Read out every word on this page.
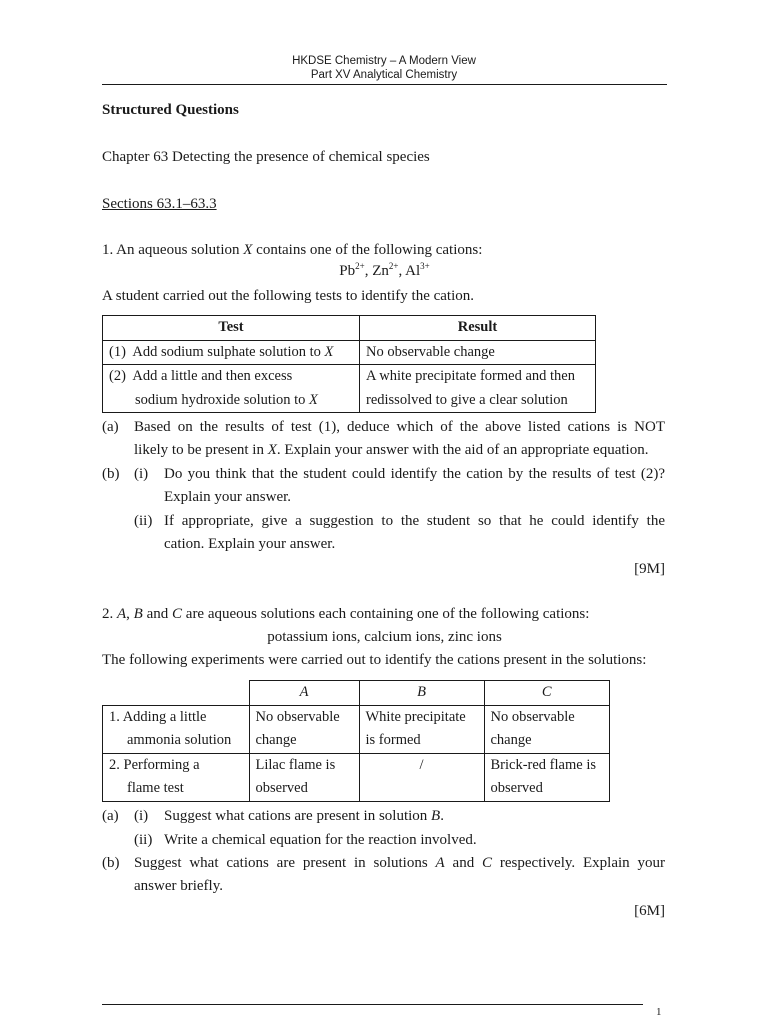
HKDSE Chemistry – A Modern View
Part XV Analytical Chemistry
Structured Questions
Chapter 63 Detecting the presence of chemical species
Sections 63.1–63.3
1. An aqueous solution X contains one of the following cations:
$Pb^{2+}$, $Zn^{2+}$, $Al^{3+}$
A student carried out the following tests to identify the cation.
Test	Result
(1) Add sodium sulphate solution to X	No observable change
(2) Add a little and then excess
sodium hydroxide solution to X	A white precipitate formed and then
redissolved to give a clear solution
(a) Based on the results of test (1), deduce which of the above listed cations is NOT
likely to be present in X. Explain your answer with the aid of an appropriate equation.
(b) (i) Do you think that the student could identify the cation by the results of test (2)?
Explain your answer.
(ii) If appropriate, give a suggestion to the student so that he could identify the
cation. Explain your answer.
[9M]
2. A, B and C are aqueous solutions each containing one of the following cations:
potassium ions, calcium ions, zinc ions
The following experiments were carried out to identify the cations present in the solutions:
	A	B	C
1. Adding a little
ammonia solution	No observable
change	White precipitate
is formed	No observable
change
2. Performing a
flame test	Lilac flame is
observed	/	Brick-red flame is
observed
(a) (i) Suggest what cations are present in solution B.
(ii) Write a chemical equation for the reaction involved.
(b) Suggest what cations are present in solutions A and C respectively. Explain your
answer briefly.
[6M]
1
